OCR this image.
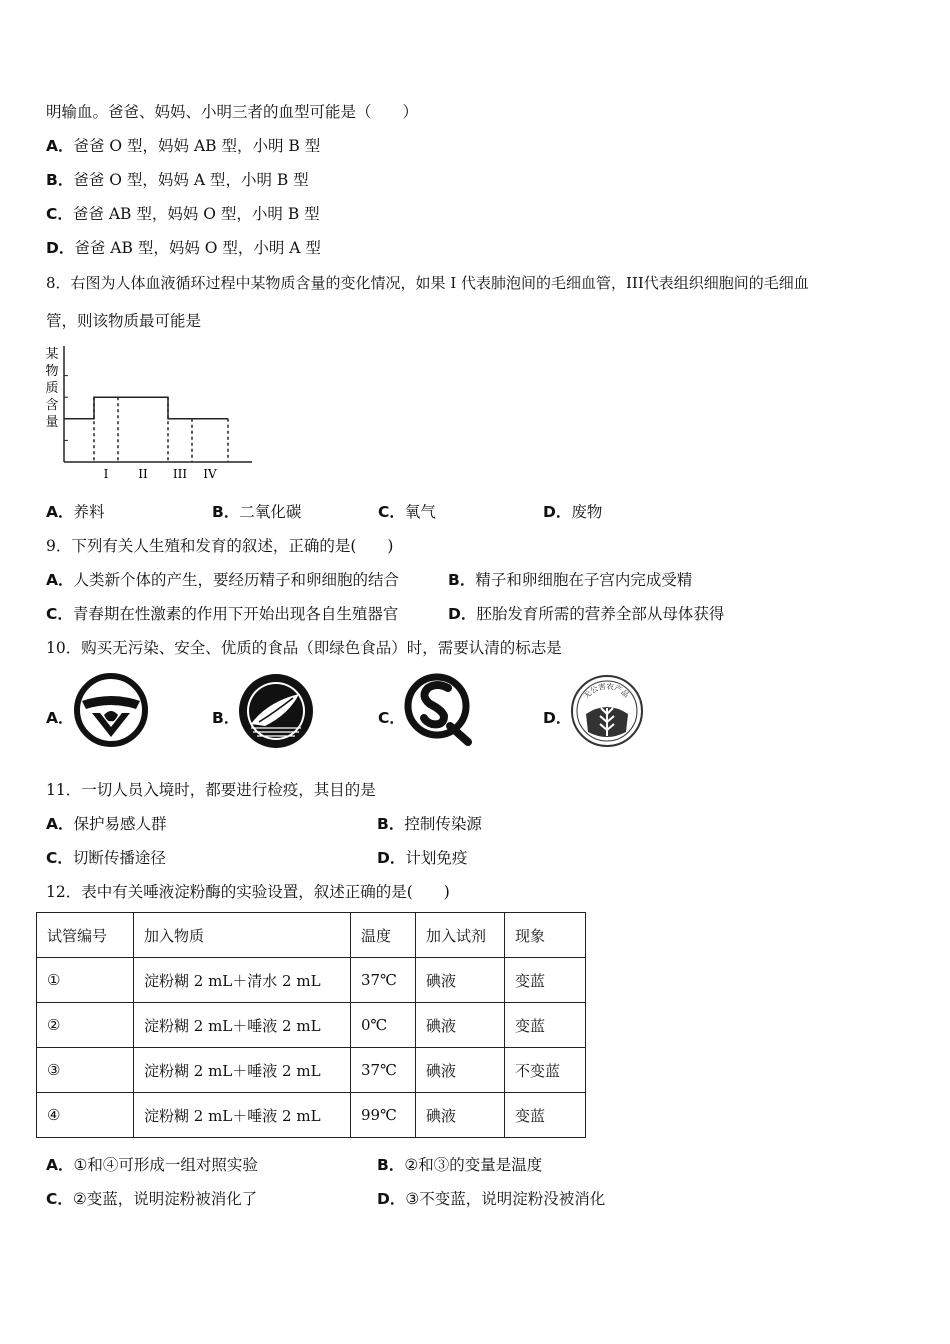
明输血。爸爸、妈妈、小明三者的血型可能是（　　）
A．爸爸 O 型，妈妈 AB 型，小明 B 型
B．爸爸 O 型，妈妈 A 型，小明 B 型
C．爸爸 AB 型，妈妈 O 型，小明 B 型
D．爸爸 AB 型，妈妈 O 型，小明 A 型
8．右图为人体血液循环过程中某物质含量的变化情况，如果 I 代表肺泡间的毛细血管，III代表组织细胞间的毛细血
管，则该物质最可能是
某
物
质
含
量
I II III IV
A．养料	B．二氧化碳	C．氧气	D．废物
9．下列有关人生殖和发育的叙述，正确的是(　　)
A．人类新个体的产生，要经历精子和卵细胞的结合	B．精子和卵细胞在子宫内完成受精
C．青春期在性激素的作用下开始出现各自生殖器官	D．胚胎发育所需的营养全部从母体获得
10．购买无污染、安全、优质的食品（即绿色食品）时，需要认清的标志是
A．	B．	C．	D．
无公害农产品
11．一切人员入境时，都要进行检疫，其目的是
A．保护易感人群	B．控制传染源
C．切断传播途径	D．计划免疫
12．表中有关唾液淀粉酶的实验设置，叙述正确的是(　　)
试管编号	加入物质	温度	加入试剂	现象
①	淀粉糊 2 mL＋清水 2 mL	37℃	碘液	变蓝
②	淀粉糊 2 mL＋唾液 2 mL	0℃	碘液	变蓝
③	淀粉糊 2 mL＋唾液 2 mL	37℃	碘液	不变蓝
④	淀粉糊 2 mL＋唾液 2 mL	99℃	碘液	变蓝
A．①和④可形成一组对照实验	B．②和③的变量是温度
C．②变蓝，说明淀粉被消化了	D．③不变蓝，说明淀粉没被消化
